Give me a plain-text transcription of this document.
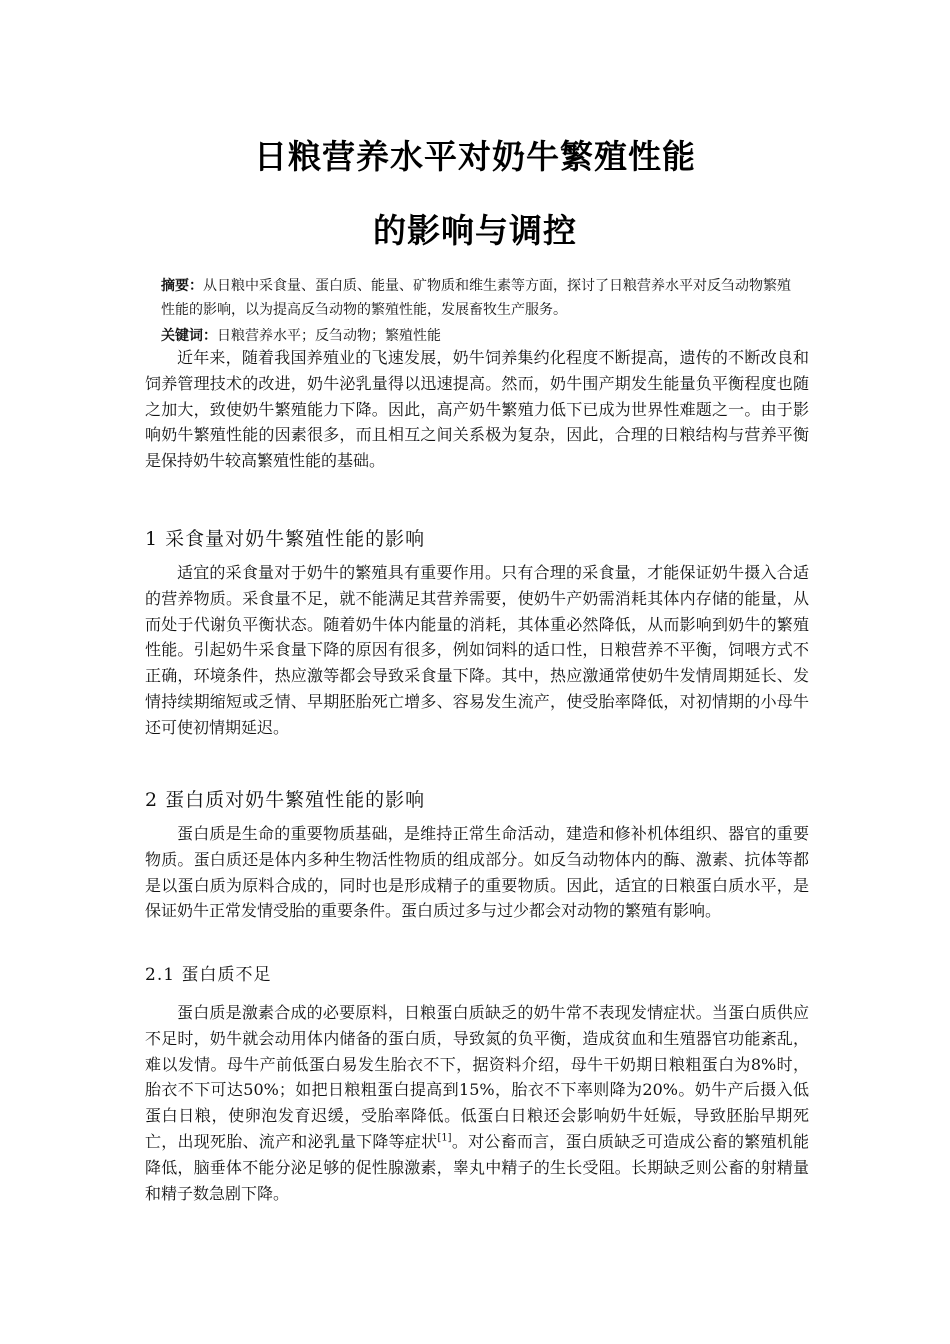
日粮营养水平对奶牛繁殖性能
的影响与调控
摘要：从日粮中采食量、蛋白质、能量、矿物质和维生素等方面，探讨了日粮营养水平对反刍动物繁殖性能的影响，以为提高反刍动物的繁殖性能，发展畜牧生产服务。
关键词：日粮营养水平；反刍动物；繁殖性能
近年来，随着我国养殖业的飞速发展，奶牛饲养集约化程度不断提高，遗传的不断改良和饲养管理技术的改进，奶牛泌乳量得以迅速提高。然而，奶牛围产期发生能量负平衡程度也随之加大，致使奶牛繁殖能力下降。因此，高产奶牛繁殖力低下已成为世界性难题之一。由于影响奶牛繁殖性能的因素很多，而且相互之间关系极为复杂，因此，合理的日粮结构与营养平衡是保持奶牛较高繁殖性能的基础。
1 采食量对奶牛繁殖性能的影响
适宜的采食量对于奶牛的繁殖具有重要作用。只有合理的采食量，才能保证奶牛摄入合适的营养物质。采食量不足，就不能满足其营养需要，使奶牛产奶需消耗其体内存储的能量，从而处于代谢负平衡状态。随着奶牛体内能量的消耗，其体重必然降低，从而影响到奶牛的繁殖性能。引起奶牛采食量下降的原因有很多，例如饲料的适口性，日粮营养不平衡，饲喂方式不正确，环境条件，热应激等都会导致采食量下降。其中，热应激通常使奶牛发情周期延长、发情持续期缩短或乏情、早期胚胎死亡增多、容易发生流产，使受胎率降低，对初情期的小母牛还可使初情期延迟。
2 蛋白质对奶牛繁殖性能的影响
蛋白质是生命的重要物质基础，是维持正常生命活动，建造和修补机体组织、器官的重要物质。蛋白质还是体内多种生物活性物质的组成部分。如反刍动物体内的酶、激素、抗体等都是以蛋白质为原料合成的，同时也是形成精子的重要物质。因此，适宜的日粮蛋白质水平，是保证奶牛正常发情受胎的重要条件。蛋白质过多与过少都会对动物的繁殖有影响。
2.1 蛋白质不足
蛋白质是激素合成的必要原料，日粮蛋白质缺乏的奶牛常不表现发情症状。当蛋白质供应不足时，奶牛就会动用体内储备的蛋白质，导致氮的负平衡，造成贫血和生殖器官功能紊乱，难以发情。母牛产前低蛋白易发生胎衣不下，据资料介绍，母牛干奶期日粮粗蛋白为8%时，胎衣不下可达50%；如把日粮粗蛋白提高到15%，胎衣不下率则降为20%。奶牛产后摄入低蛋白日粮，使卵泡发育迟缓，受胎率降低。低蛋白日粮还会影响奶牛妊娠，导致胚胎早期死亡，出现死胎、流产和泌乳量下降等症状[1]。对公畜而言，蛋白质缺乏可造成公畜的繁殖机能降低，脑垂体不能分泌足够的促性腺激素，睾丸中精子的生长受阻。长期缺乏则公畜的射精量和精子数急剧下降。
